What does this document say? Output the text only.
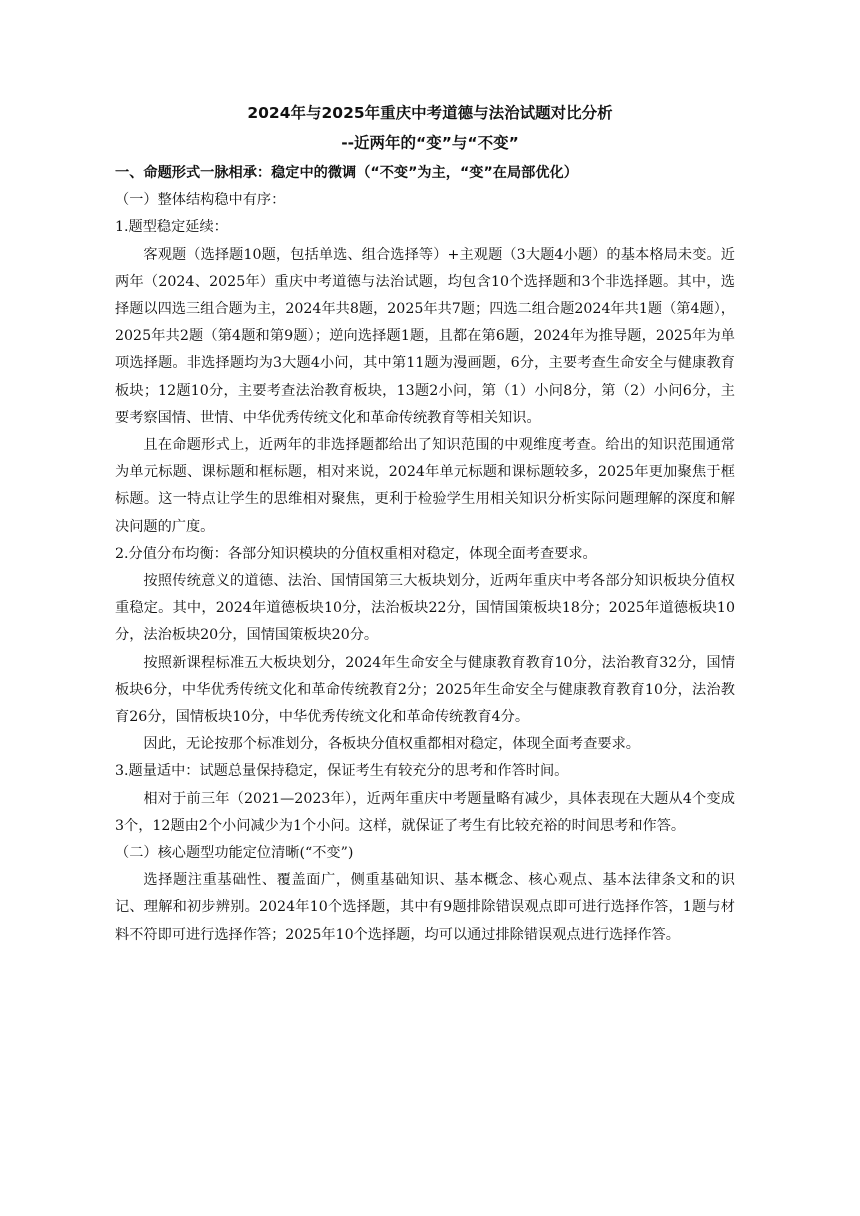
2024年与2025年重庆中考道德与法治试题对比分析
--近两年的“变”与“不变”

一、命题形式一脉相承：稳定中的微调（“不变”为主，“变”在局部优化）

（一）整体结构稳中有序：

1.题型稳定延续：

客观题（选择题10题，包括单选、组合选择等）+主观题（3大题4小题）的基本格局未变。近两年（2024、2025年）重庆中考道德与法治试题，均包含10个选择题和3个非选择题。其中，选择题以四选三组合题为主，2024年共8题，2025年共7题；四选二组合题2024年共1题（第4题），2025年共2题（第4题和第9题）；逆向选择题1题，且都在第6题，2024年为推导题，2025年为单项选择题。非选择题均为3大题4小问，其中第11题为漫画题，6分，主要考查生命安全与健康教育板块；12题10分，主要考查法治教育板块，13题2小问，第（1）小问8分，第（2）小问6分，主要考察国情、世情、中华优秀传统文化和革命传统教育等相关知识。

且在命题形式上，近两年的非选择题都给出了知识范围的中观维度考查。给出的知识范围通常为单元标题、课标题和框标题，相对来说，2024年单元标题和课标题较多，2025年更加聚焦于框标题。这一特点让学生的思维相对聚焦，更利于检验学生用相关知识分析实际问题理解的深度和解决问题的广度。

2.分值分布均衡：各部分知识模块的分值权重相对稳定，体现全面考查要求。

按照传统意义的道德、法治、国情国第三大板块划分，近两年重庆中考各部分知识板块分值权重稳定。其中，2024年道德板块10分，法治板块22分，国情国策板块18分；2025年道德板块10分，法治板块20分，国情国策板块20分。

按照新课程标准五大板块划分，2024年生命安全与健康教育教育10分，法治教育32分，国情板块6分，中华优秀传统文化和革命传统教育2分；2025年生命安全与健康教育教育10分，法治教育26分，国情板块10分，中华优秀传统文化和革命传统教育4分。

因此，无论按那个标准划分，各板块分值权重都相对稳定，体现全面考查要求。

3.题量适中：试题总量保持稳定，保证考生有较充分的思考和作答时间。

相对于前三年（2021—2023年），近两年重庆中考题量略有减少，具体表现在大题从4个变成3个，12题由2个小问减少为1个小问。这样，就保证了考生有比较充裕的时间思考和作答。

（二）核心题型功能定位清晰(“不变”)

选择题注重基础性、覆盖面广，侧重基础知识、基本概念、核心观点、基本法律条文和的识记、理解和初步辨别。2024年10个选择题，其中有9题排除错误观点即可进行选择作答，1题与材料不符即可进行选择作答；2025年10个选择题，均可以通过排除错误观点进行选择作答。
